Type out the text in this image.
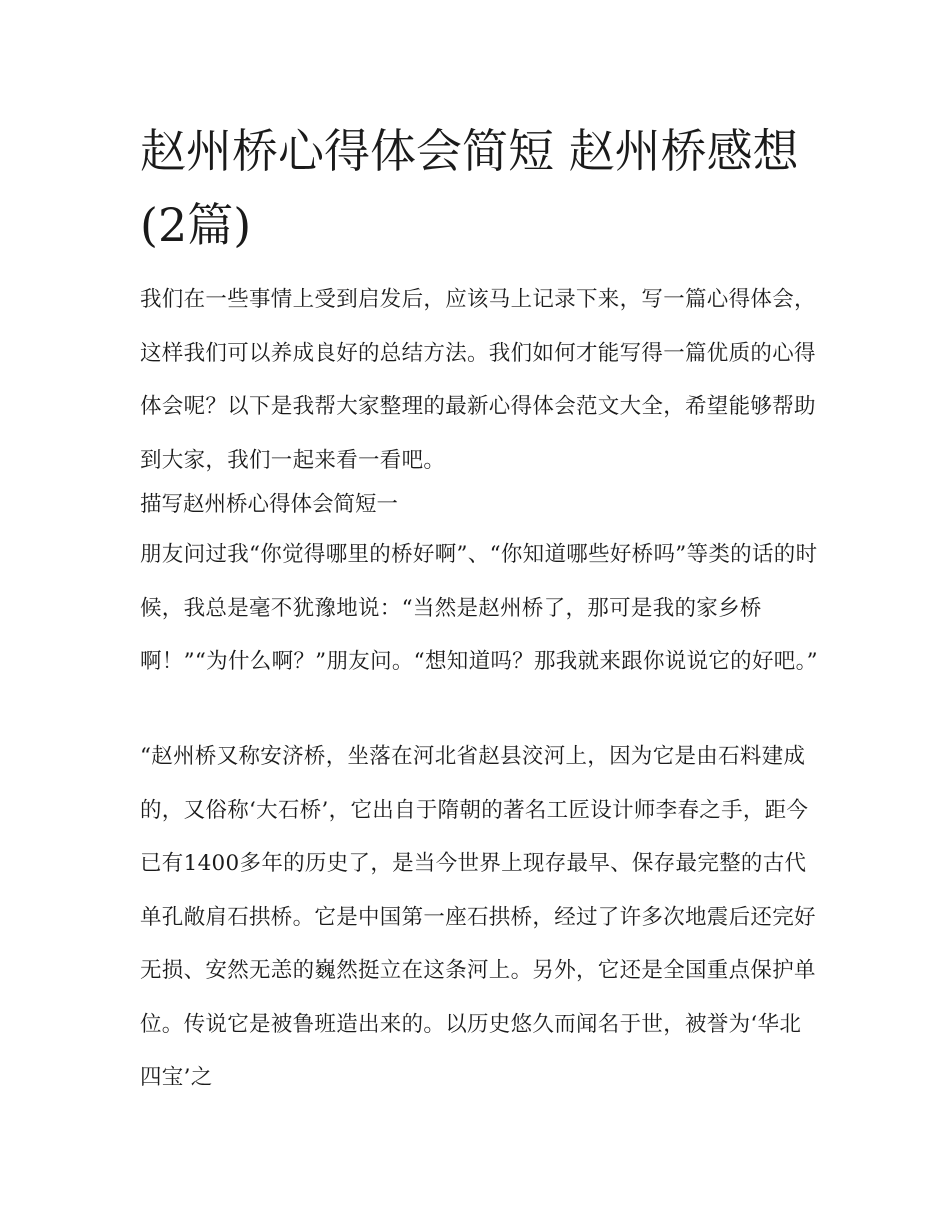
赵州桥心得体会简短 赵州桥感想(2篇)

我们在一些事情上受到启发后，应该马上记录下来，写一篇心得体会，这样我们可以养成良好的总结方法。我们如何才能写得一篇优质的心得体会呢？以下是我帮大家整理的最新心得体会范文大全，希望能够帮助到大家，我们一起来看一看吧。

描写赵州桥心得体会简短一

朋友问过我“你觉得哪里的桥好啊”、“你知道哪些好桥吗”等类的话的时候，我总是毫不犹豫地说：“当然是赵州桥了，那可是我的家乡桥啊！”“为什么啊？”朋友问。“想知道吗？那我就来跟你说说它的好吧。”

“赵州桥又称安济桥，坐落在河北省赵县洨河上，因为它是由石料建成的，又俗称‘大石桥’，它出自于隋朝的著名工匠设计师李春之手，距今已有1400多年的历史了，是当今世界上现存最早、保存最完整的古代单孔敞肩石拱桥。它是中国第一座石拱桥，经过了许多次地震后还完好无损、安然无恙的巍然挺立在这条河上。另外，它还是全国重点保护单位。传说它是被鲁班造出来的。以历史悠久而闻名于世，被誉为‘华北四宝’之
